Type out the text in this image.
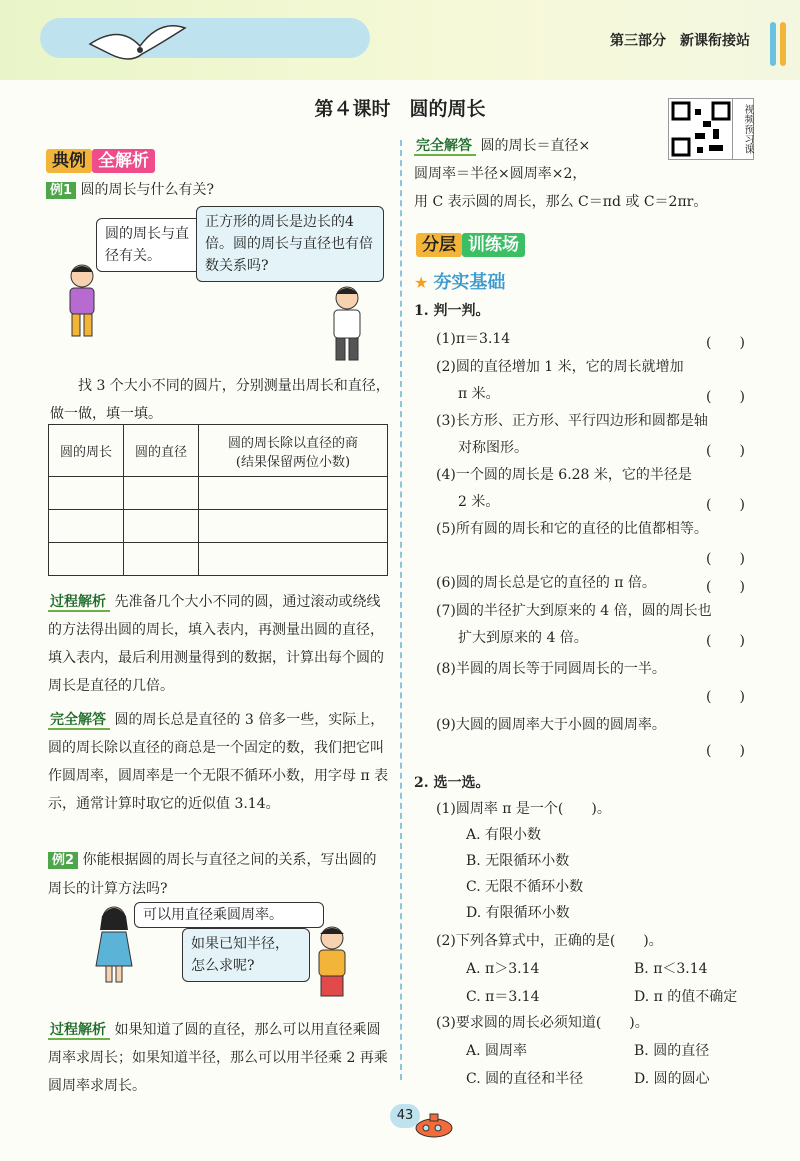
第三部分　新课衔接站
第４课时　圆的周长	视频预习课
典例 全解析
例1 圆的周长与什么有关?
圆的周长与直径有关。
正方形的周长是边长的4倍。圆的周长与直径也有倍数关系吗?
找 3 个大小不同的圆片，分别测量出周长和直径，做一做，填一填。
圆的周长	圆的直径	圆的周长除以直径的商
(结果保留两位小数)

过程解析 先准备几个大小不同的圆，通过滚动或绕线的方法得出圆的周长，填入表内，再测量出圆的直径，填入表内，最后利用测量得到的数据，计算出每个圆的周长是直径的几倍。
完全解答 圆的周长总是直径的 3 倍多一些，实际上，圆的周长除以直径的商总是一个固定的数，我们把它叫作圆周率，圆周率是一个无限不循环小数，用字母 π 表示，通常计算时取它的近似值 3.14。
例2 你能根据圆的周长与直径之间的关系，写出圆的周长的计算方法吗?
可以用直径乘圆周率。
如果已知半径，怎么求呢?
过程解析 如果知道了圆的直径，那么可以用直径乘圆周率求周长；如果知道半径，那么可以用半径乘 2 再乘圆周率求周长。
完全解答 圆的周长＝直径×
圆周率＝半径×圆周率×2，
用 C 表示圆的周长，那么 C＝πd 或 C＝2πr。
分层 训练场
★ 夯实基础
1. 判一判。
(1)π＝3.14	(　　)
(2)圆的直径增加 1 米，它的周长就增加
π 米。	(　　)
(3)长方形、正方形、平行四边形和圆都是轴
对称图形。	(　　)
(4)一个圆的周长是 6.28 米，它的半径是
2 米。	(　　)
(5)所有圆的周长和它的直径的比值都相等。
(　　)
(6)圆的周长总是它的直径的 π 倍。	(　　)
(7)圆的半径扩大到原来的 4 倍，圆的周长也
扩大到原来的 4 倍。	(　　)
(8)半圆的周长等于同圆周长的一半。
(　　)
(9)大圆的圆周率大于小圆的圆周率。
(　　)
2. 选一选。
(1)圆周率 π 是一个(　　)。
A. 有限小数
B. 无限循环小数
C. 无限不循环小数
D. 有限循环小数
(2)下列各算式中，正确的是(　　)。
A. π＞3.14	B. π＜3.14
C. π＝3.14	D. π 的值不确定
(3)要求圆的周长必须知道(　　)。
A. 圆周率	B. 圆的直径
C. 圆的直径和半径	D. 圆的圆心
43
